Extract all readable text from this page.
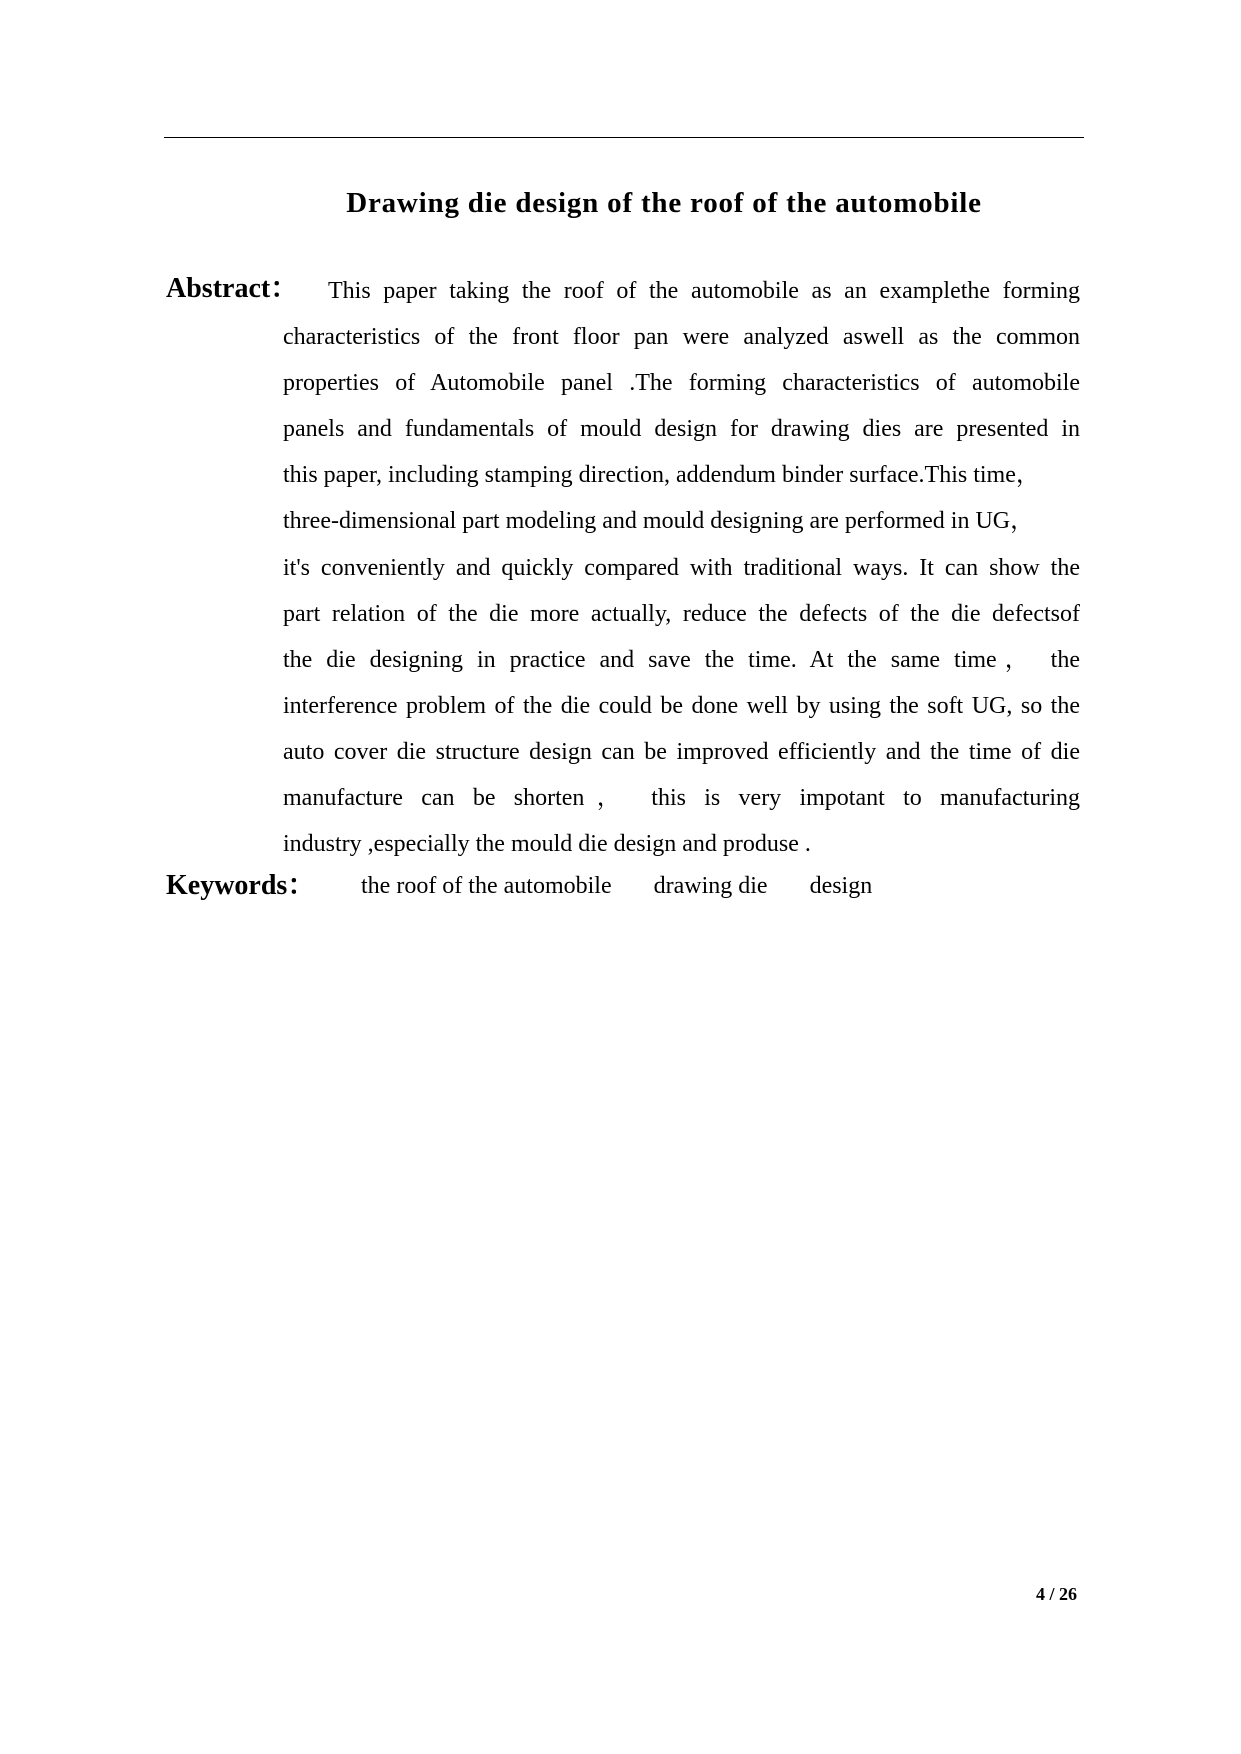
Drawing die design of the roof of the automobile
Abstract：	This paper taking the roof of the automobile as an examplethe forming
characteristics of the front floor pan were analyzed aswell as the common
properties of Automobile panel .The forming characteristics of automobile
panels and fundamentals of mould design for drawing dies are presented in
this paper, including stamping direction, addendum binder surface.This time，
three-dimensional part modeling and mould designing are performed in UG，
it's conveniently and quickly compared with traditional ways. It can show the
part relation of the die more actually, reduce the defects of the die defectsof
the die designing in practice and save the time. At the same time， the
interference problem of the die could be done well by using the soft UG, so the
auto cover die structure design can be improved efficiently and the time of die
manufacture can be shorten， this is very impotant to manufacturing
industry ,especially the mould die design and produse .
Keywords： the roof of the automobile drawing die design
4 / 26
